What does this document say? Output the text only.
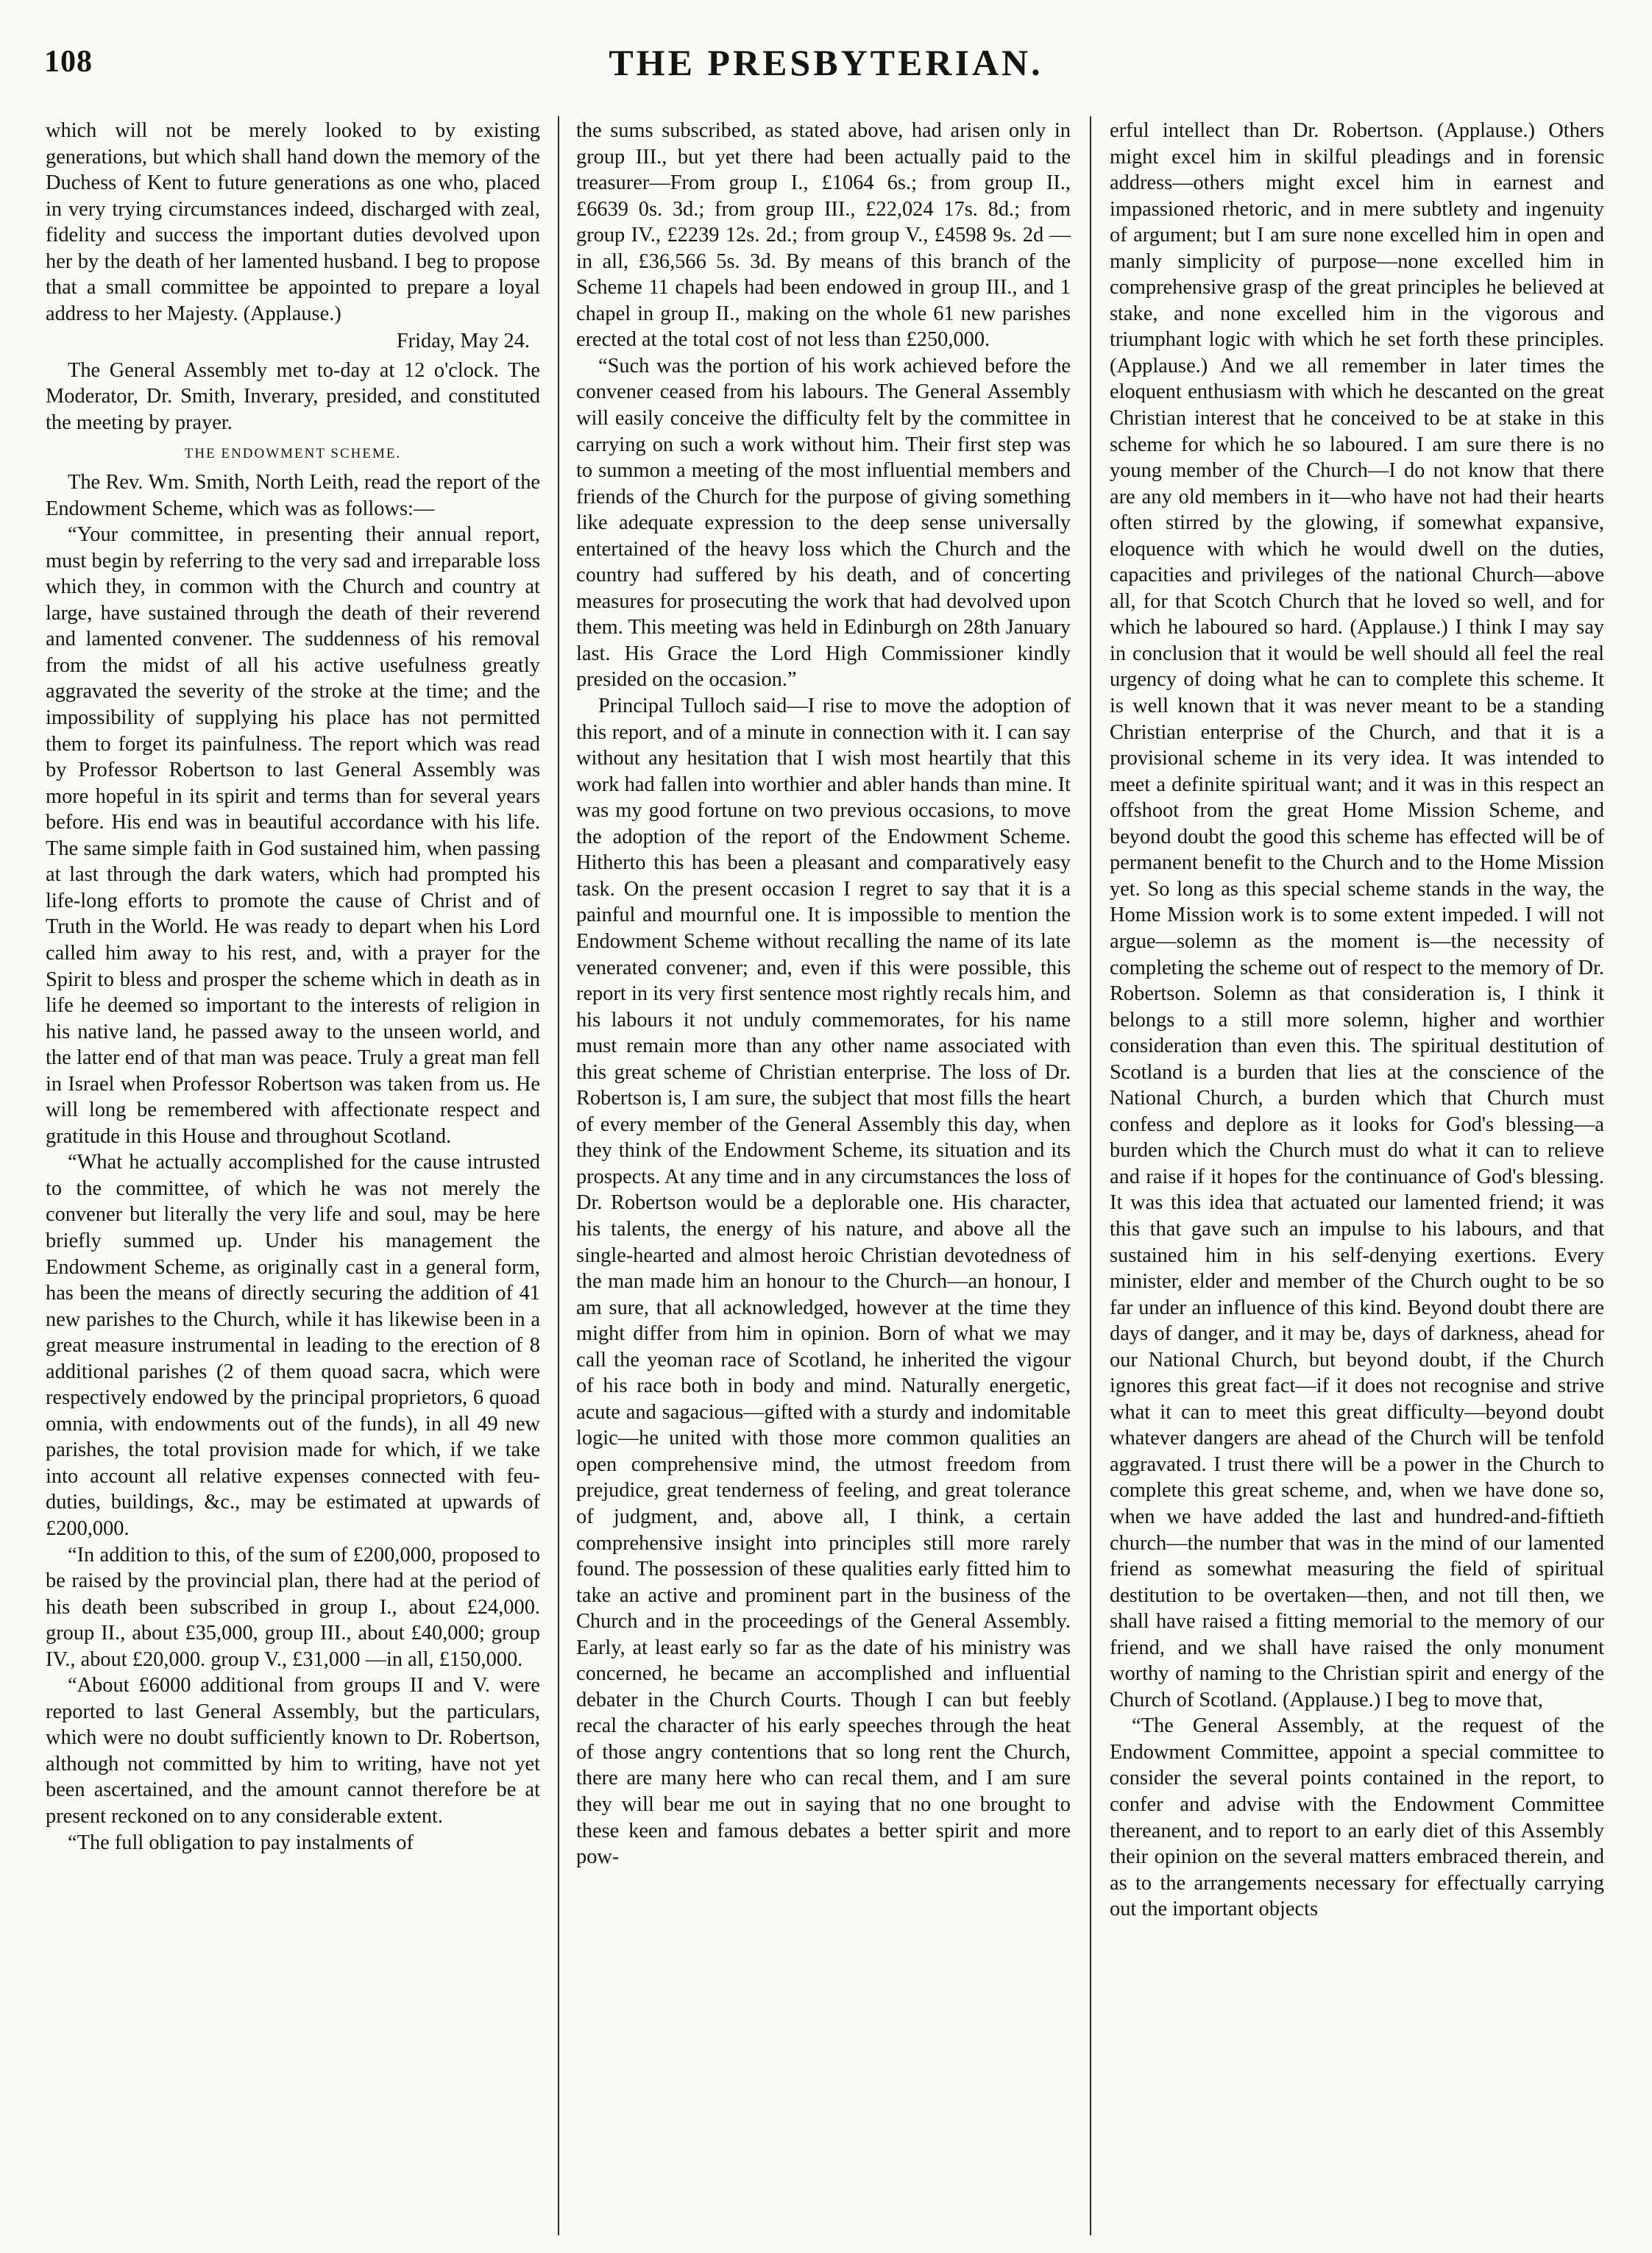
108	THE PRESBYTERIAN.

which will not be merely looked to by existing generations, but which shall hand down the memory of the Duchess of Kent to future generations as one who, placed in very trying circumstances indeed, discharged with zeal, fidelity and success the important duties devolved upon her by the death of her lamented husband. I beg to propose that a small committee be appointed to prepare a loyal address to her Majesty. (Applause.)

Friday, May 24.

The General Assembly met to-day at 12 o'clock. The Moderator, Dr. Smith, Inverary, presided, and constituted the meeting by prayer.

THE ENDOWMENT SCHEME.

The Rev. Wm. Smith, North Leith, read the report of the Endowment Scheme, which was as follows:—

“Your committee, in presenting their annual report, must begin by referring to the very sad and irreparable loss which they, in common with the Church and country at large, have sustained through the death of their reverend and lamented convener. The suddenness of his removal from the midst of all his active usefulness greatly aggravated the severity of the stroke at the time; and the impossibility of supplying his place has not permitted them to forget its painfulness. The report which was read by Professor Robertson to last General Assembly was more hopeful in its spirit and terms than for several years before. His end was in beautiful accordance with his life. The same simple faith in God sustained him, when passing at last through the dark waters, which had prompted his life-long efforts to promote the cause of Christ and of Truth in the World. He was ready to depart when his Lord called him away to his rest, and, with a prayer for the Spirit to bless and prosper the scheme which in death as in life he deemed so important to the interests of religion in his native land, he passed away to the unseen world, and the latter end of that man was peace. Truly a great man fell in Israel when Professor Robertson was taken from us. He will long be remembered with affectionate respect and gratitude in this House and throughout Scotland.

“What he actually accomplished for the cause intrusted to the committee, of which he was not merely the convener but literally the very life and soul, may be here briefly summed up. Under his management the Endowment Scheme, as originally cast in a general form, has been the means of directly securing the addition of 41 new parishes to the Church, while it has likewise been in a great measure instrumental in leading to the erection of 8 additional parishes (2 of them quoad sacra, which were respectively endowed by the principal proprietors, 6 quoad omnia, with endowments out of the funds), in all 49 new parishes, the total provision made for which, if we take into account all relative expenses connected with feu-duties, buildings, &c., may be estimated at upwards of £200,000.

“In addition to this, of the sum of £200,000, proposed to be raised by the provincial plan, there had at the period of his death been subscribed in group I., about £24,000. group II., about £35,000, group III., about £40,000; group IV., about £20,000. group V., £31,000 —in all, £150,000.

“About £6000 additional from groups II and V. were reported to last General Assembly, but the particulars, which were no doubt sufficiently known to Dr. Robertson, although not committed by him to writing, have not yet been ascertained, and the amount cannot therefore be at present reckoned on to any considerable extent.

“The full obligation to pay instalments of

the sums subscribed, as stated above, had arisen only in group III., but yet there had been actually paid to the treasurer—From group I., £1064 6s.; from group II., £6639 0s. 3d.; from group III., £22,024 17s. 8d.; from group IV., £2239 12s. 2d.; from group V., £4598 9s. 2d —in all, £36,566 5s. 3d. By means of this branch of the Scheme 11 chapels had been endowed in group III., and 1 chapel in group II., making on the whole 61 new parishes erected at the total cost of not less than £250,000.

“Such was the portion of his work achieved before the convener ceased from his labours. The General Assembly will easily conceive the difficulty felt by the committee in carrying on such a work without him. Their first step was to summon a meeting of the most influential members and friends of the Church for the purpose of giving something like adequate expression to the deep sense universally entertained of the heavy loss which the Church and the country had suffered by his death, and of concerting measures for prosecuting the work that had devolved upon them. This meeting was held in Edinburgh on 28th January last. His Grace the Lord High Commissioner kindly presided on the occasion.”

Principal Tulloch said—I rise to move the adoption of this report, and of a minute in connection with it. I can say without any hesitation that I wish most heartily that this work had fallen into worthier and abler hands than mine. It was my good fortune on two previous occasions, to move the adoption of the report of the Endowment Scheme. Hitherto this has been a pleasant and comparatively easy task. On the present occasion I regret to say that it is a painful and mournful one. It is impossible to mention the Endowment Scheme without recalling the name of its late venerated convener; and, even if this were possible, this report in its very first sentence most rightly recals him, and his labours it not unduly commemorates, for his name must remain more than any other name associated with this great scheme of Christian enterprise. The loss of Dr. Robertson is, I am sure, the subject that most fills the heart of every member of the General Assembly this day, when they think of the Endowment Scheme, its situation and its prospects. At any time and in any circumstances the loss of Dr. Robertson would be a deplorable one. His character, his talents, the energy of his nature, and above all the single-hearted and almost heroic Christian devotedness of the man made him an honour to the Church—an honour, I am sure, that all acknowledged, however at the time they might differ from him in opinion. Born of what we may call the yeoman race of Scotland, he inherited the vigour of his race both in body and mind. Naturally energetic, acute and sagacious—gifted with a sturdy and indomitable logic—he united with those more common qualities an open comprehensive mind, the utmost freedom from prejudice, great tenderness of feeling, and great tolerance of judgment, and, above all, I think, a certain comprehensive insight into principles still more rarely found. The possession of these qualities early fitted him to take an active and prominent part in the business of the Church and in the proceedings of the General Assembly. Early, at least early so far as the date of his ministry was concerned, he became an accomplished and influential debater in the Church Courts. Though I can but feebly recal the character of his early speeches through the heat of those angry contentions that so long rent the Church, there are many here who can recal them, and I am sure they will bear me out in saying that no one brought to these keen and famous debates a better spirit and more pow-

erful intellect than Dr. Robertson. (Applause.) Others might excel him in skilful pleadings and in forensic address—others might excel him in earnest and impassioned rhetoric, and in mere subtlety and ingenuity of argument; but I am sure none excelled him in open and manly simplicity of purpose—none excelled him in comprehensive grasp of the great principles he believed at stake, and none excelled him in the vigorous and triumphant logic with which he set forth these principles. (Applause.) And we all remember in later times the eloquent enthusiasm with which he descanted on the great Christian interest that he conceived to be at stake in this scheme for which he so laboured. I am sure there is no young member of the Church—I do not know that there are any old members in it—who have not had their hearts often stirred by the glowing, if somewhat expansive, eloquence with which he would dwell on the duties, capacities and privileges of the national Church—above all, for that Scotch Church that he loved so well, and for which he laboured so hard. (Applause.) I think I may say in conclusion that it would be well should all feel the real urgency of doing what he can to complete this scheme. It is well known that it was never meant to be a standing Christian enterprise of the Church, and that it is a provisional scheme in its very idea. It was intended to meet a definite spiritual want; and it was in this respect an offshoot from the great Home Mission Scheme, and beyond doubt the good this scheme has effected will be of permanent benefit to the Church and to the Home Mission yet. So long as this special scheme stands in the way, the Home Mission work is to some extent impeded. I will not argue—solemn as the moment is—the necessity of completing the scheme out of respect to the memory of Dr. Robertson. Solemn as that consideration is, I think it belongs to a still more solemn, higher and worthier consideration than even this. The spiritual destitution of Scotland is a burden that lies at the conscience of the National Church, a burden which that Church must confess and deplore as it looks for God's blessing—a burden which the Church must do what it can to relieve and raise if it hopes for the continuance of God's blessing. It was this idea that actuated our lamented friend; it was this that gave such an impulse to his labours, and that sustained him in his self-denying exertions. Every minister, elder and member of the Church ought to be so far under an influence of this kind. Beyond doubt there are days of danger, and it may be, days of darkness, ahead for our National Church, but beyond doubt, if the Church ignores this great fact—if it does not recognise and strive what it can to meet this great difficulty—beyond doubt whatever dangers are ahead of the Church will be tenfold aggravated. I trust there will be a power in the Church to complete this great scheme, and, when we have done so, when we have added the last and hundred-and-fiftieth church—the number that was in the mind of our lamented friend as somewhat measuring the field of spiritual destitution to be overtaken—then, and not till then, we shall have raised a fitting memorial to the memory of our friend, and we shall have raised the only monument worthy of naming to the Christian spirit and energy of the Church of Scotland. (Applause.) I beg to move that,

“The General Assembly, at the request of the Endowment Committee, appoint a special committee to consider the several points contained in the report, to confer and advise with the Endowment Committee thereanent, and to report to an early diet of this Assembly their opinion on the several matters embraced therein, and as to the arrangements necessary for effectually carrying out the important objects
